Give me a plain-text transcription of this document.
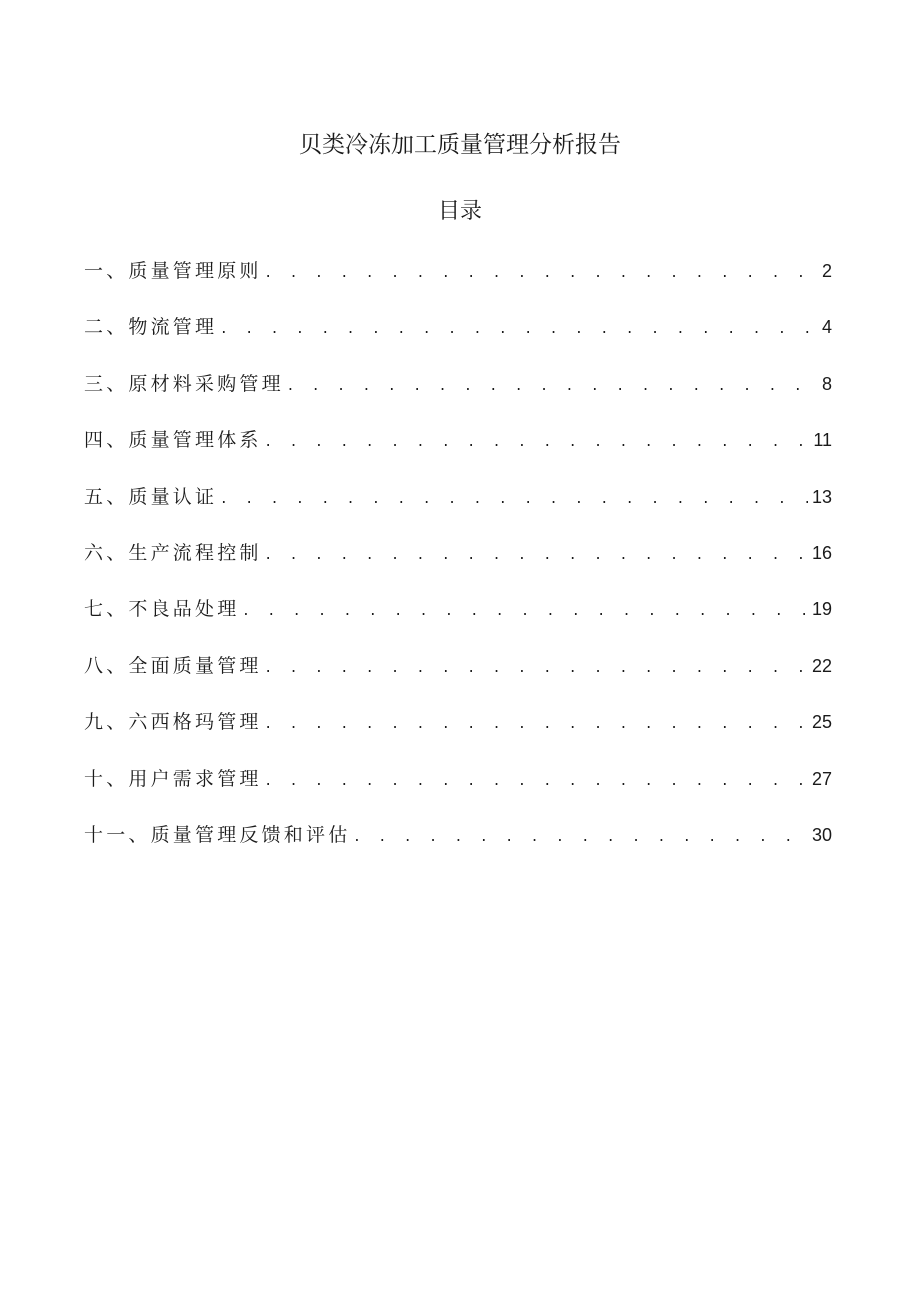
贝类冷冻加工质量管理分析报告
目录
一、质量管理原则 . . .	2
二、物流管理 . . .	4
三、原材料采购管理 . . .	8
四、质量管理体系 . . .	11
五、质量认证 . . .	13
六、生产流程控制 . . .	16
七、不良品处理 . . .	19
八、全面质量管理 . . .	22
九、六西格玛管理 . . .	25
十、用户需求管理 . . .	27
十一、质量管理反馈和评估 . . .	30
